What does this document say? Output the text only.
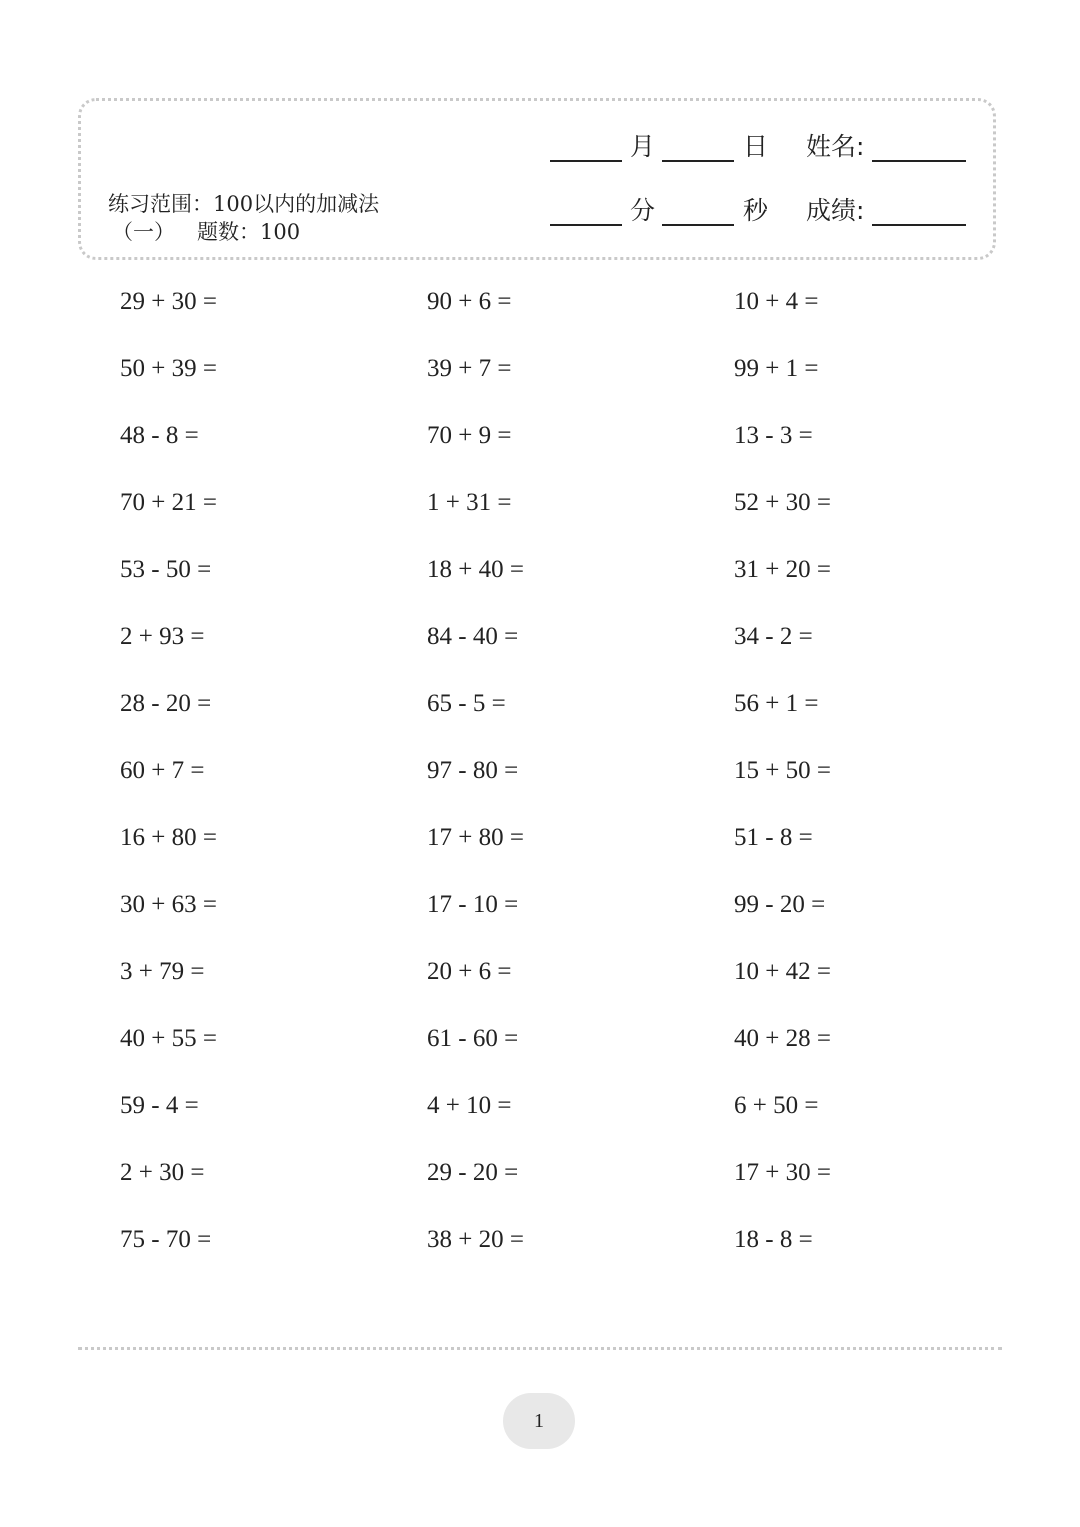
练习范围：100以内的加减法
（一） 题数：100
月	日 姓名:
分	秒 成绩:
29 + 30 =	90 + 6 =	10 + 4 =
50 + 39 =	39 + 7 =	99 + 1 =
48 - 8 =	70 + 9 =	13 - 3 =
70 + 21 =	1 + 31 =	52 + 30 =
53 - 50 =	18 + 40 =	31 + 20 =
2 + 93 =	84 - 40 =	34 - 2 =
28 - 20 =	65 - 5 =	56 + 1 =
60 + 7 =	97 - 80 =	15 + 50 =
16 + 80 =	17 + 80 =	51 - 8 =
30 + 63 =	17 - 10 =	99 - 20 =
3 + 79 =	20 + 6 =	10 + 42 =
40 + 55 =	61 - 60 =	40 + 28 =
59 - 4 =	4 + 10 =	6 + 50 =
2 + 30 =	29 - 20 =	17 + 30 =
75 - 70 =	38 + 20 =	18 - 8 =
1
